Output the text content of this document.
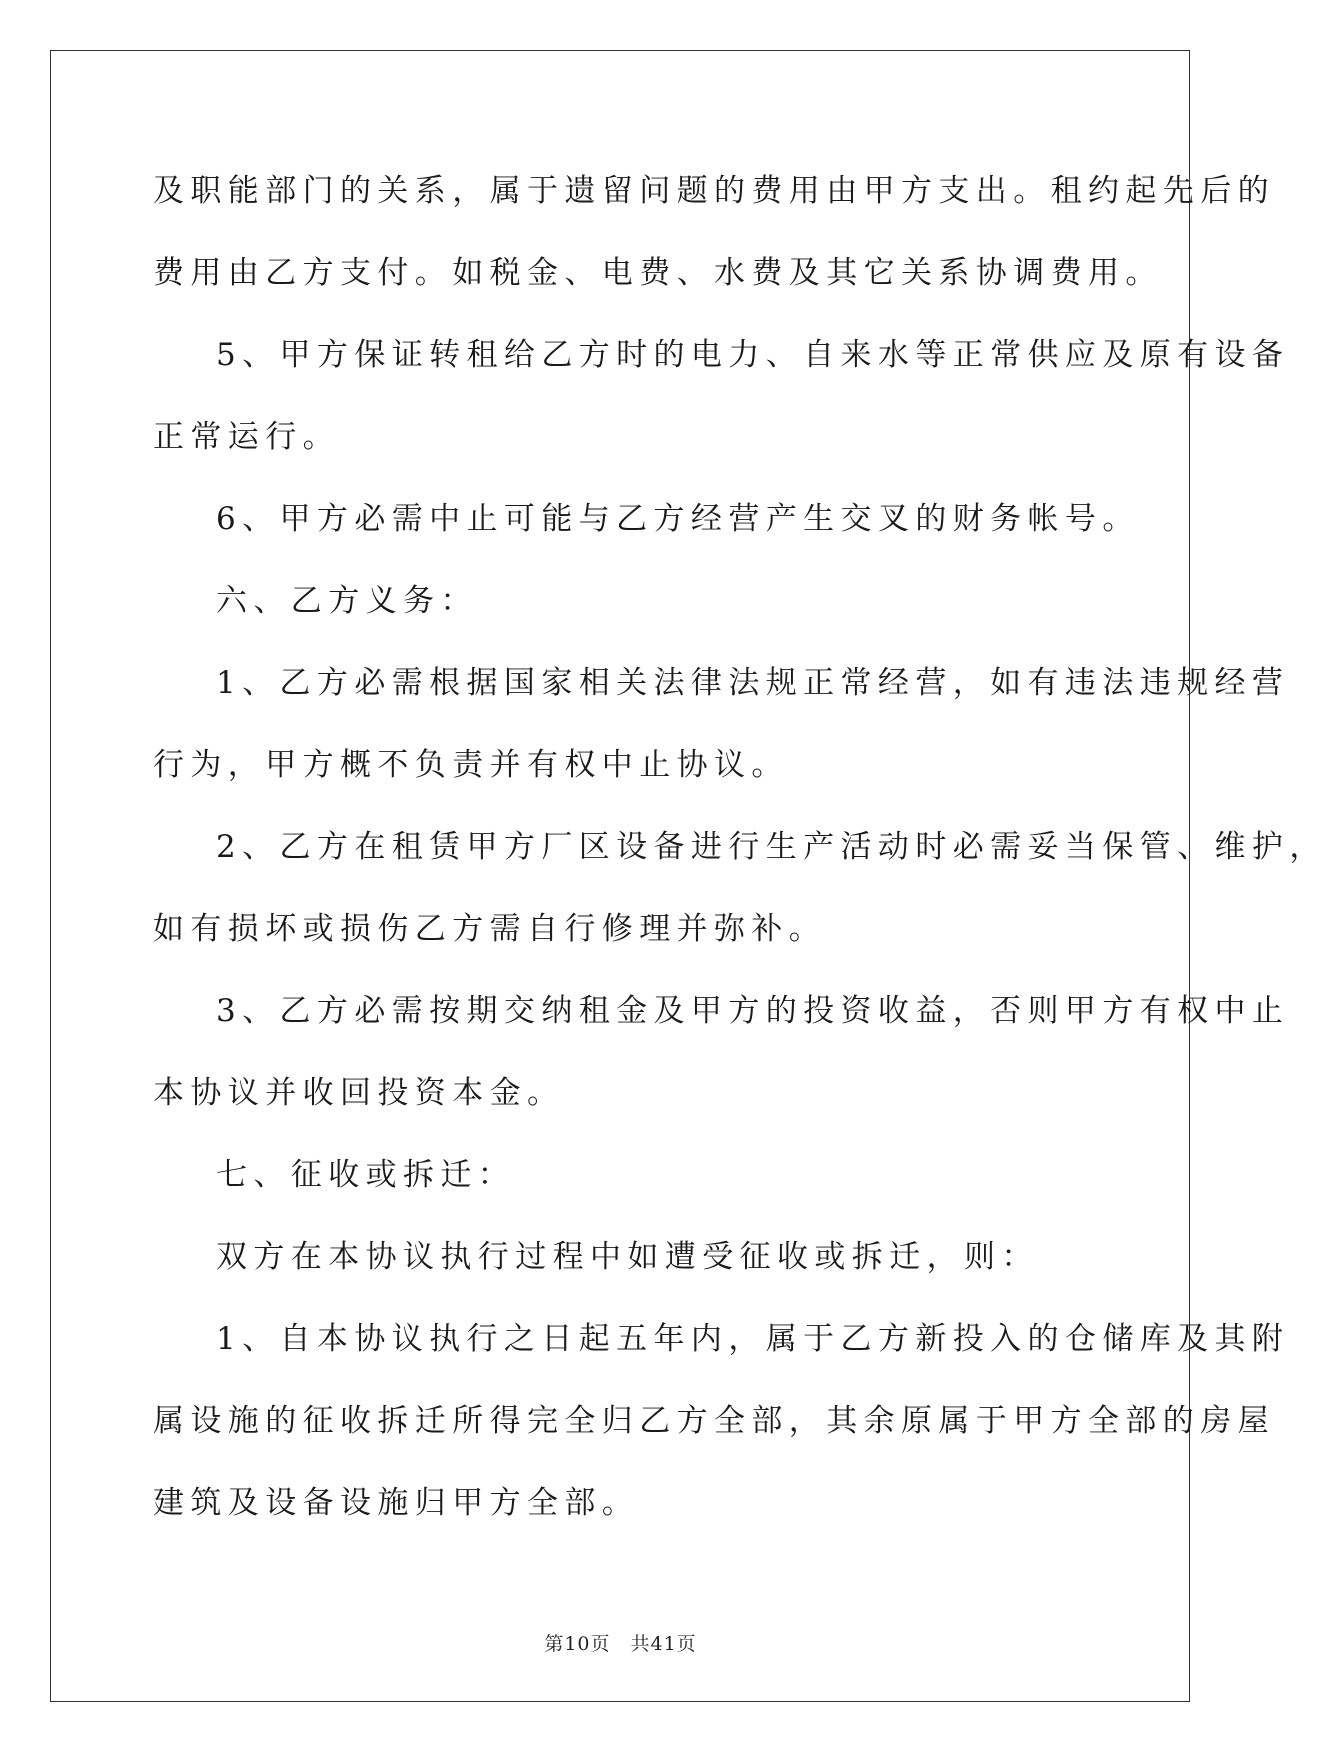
及职能部门的关系，属于遗留问题的费用由甲方支出。租约起先后的
费用由乙方支付。如税金、电费、水费及其它关系协调费用。
5、甲方保证转租给乙方时的电力、自来水等正常供应及原有设备
正常运行。
6、甲方必需中止可能与乙方经营产生交叉的财务帐号。
六、乙方义务：
1、乙方必需根据国家相关法律法规正常经营，如有违法违规经营
行为，甲方概不负责并有权中止协议。
2、乙方在租赁甲方厂区设备进行生产活动时必需妥当保管、维护，
如有损坏或损伤乙方需自行修理并弥补。
3、乙方必需按期交纳租金及甲方的投资收益，否则甲方有权中止
本协议并收回投资本金。
七、征收或拆迁：
双方在本协议执行过程中如遭受征收或拆迁，则：
1、自本协议执行之日起五年内，属于乙方新投入的仓储库及其附
属设施的征收拆迁所得完全归乙方全部，其余原属于甲方全部的房屋
建筑及设备设施归甲方全部。
第10页　共41页
